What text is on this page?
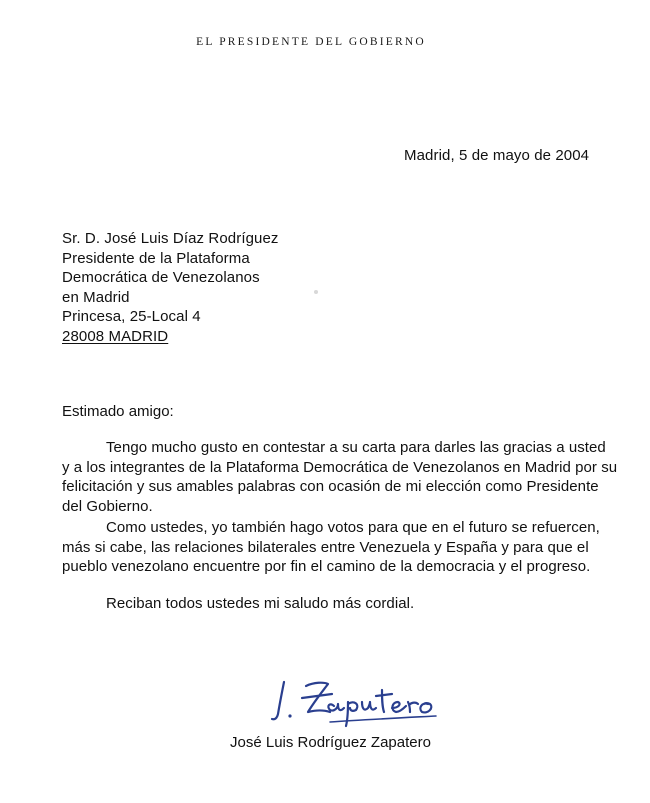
EL PRESIDENTE DEL GOBIERNO
Madrid, 5 de mayo de 2004
Sr. D. José Luis Díaz Rodríguez
Presidente de la Plataforma
Democrática de Venezolanos
en Madrid
Princesa, 25-Local 4
28008 MADRID
Estimado amigo:
Tengo mucho gusto en contestar a su carta para darles las gracias a usted
y a los integrantes de la Plataforma Democrática de Venezolanos en Madrid por su
felicitación y sus amables palabras con ocasión de mi elección como Presidente
del Gobierno.
Como ustedes, yo también hago votos para que en el futuro se refuercen,
más si cabe, las relaciones bilaterales entre Venezuela y España y para que el
pueblo venezolano encuentre por fin el camino de la democracia y el progreso.
Reciban todos ustedes mi saludo más cordial.
José Luis Rodríguez Zapatero
